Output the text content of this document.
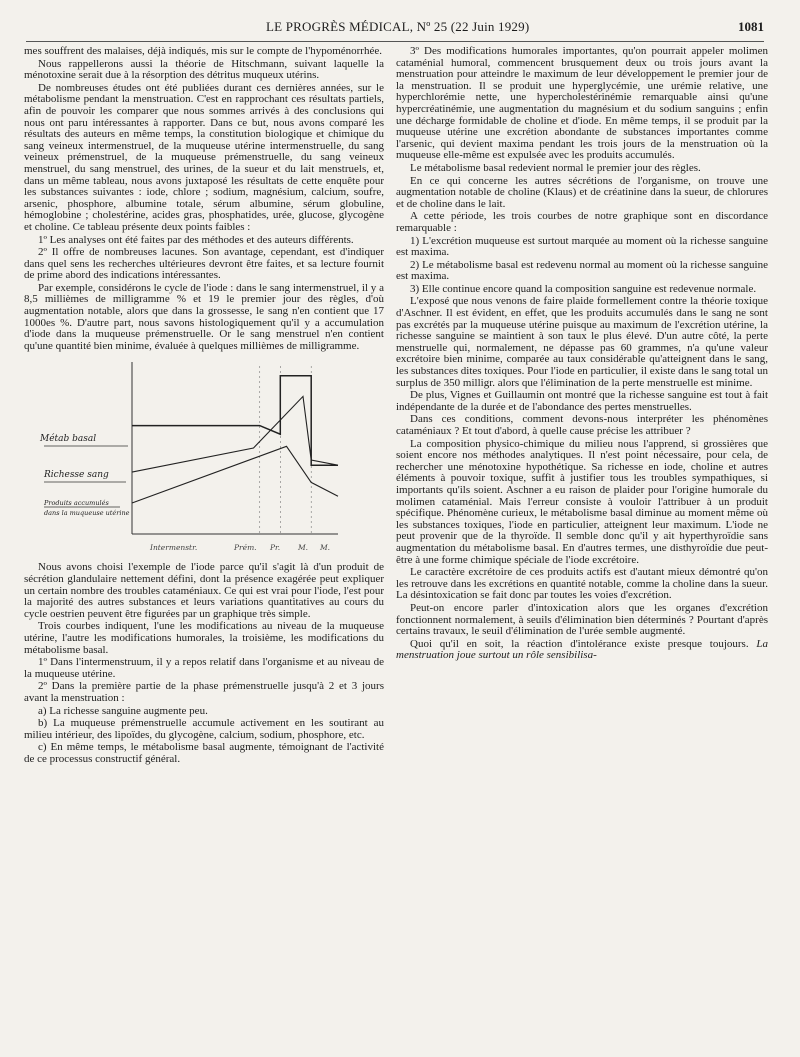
LE PROGRÈS MÉDICAL, Nº 25 (22 Juin 1929)	1081

mes souffrent des malaises, déjà indiqués, mis sur le compte de l'hypoménorrhée.

Nous rappellerons aussi la théorie de Hitschmann, suivant laquelle la ménotoxine serait due à la résorption des détritus muqueux utérins.

De nombreuses études ont été publiées durant ces dernières années, sur le métabolisme pendant la menstruation. C'est en rapprochant ces résultats partiels, afin de pouvoir les comparer que nous sommes arrivés à des conclusions qui nous ont paru intéressantes à rapporter. Dans ce but, nous avons comparé les résultats des auteurs en même temps, la constitution biologique et chimique du sang veineux intermenstruel, de la muqueuse utérine intermenstruelle, du sang veineux prémenstruel, de la muqueuse prémenstruelle, du sang veineux menstruel, du sang menstruel, des urines, de la sueur et du lait menstruels, et, dans un même tableau, nous avons juxtaposé les résultats de cette enquête pour les substances suivantes : iode, chlore ; sodium, magnésium, calcium, soufre, arsenic, phosphore, albumine totale, sérum albumine, sérum globuline, hémoglobine ; cholestérine, acides gras, phosphatides, urée, glucose, glycogène et choline. Ce tableau présente deux points faibles :

1º Les analyses ont été faites par des méthodes et des auteurs différents.

2º Il offre de nombreuses lacunes. Son avantage, cependant, est d'indiquer dans quel sens les recherches ultérieures devront être faites, et sa lecture fournit de prime abord des indications intéressantes.

Par exemple, considérons le cycle de l'iode : dans le sang intermenstruel, il y a 8,5 millièmes de milligramme % et 19 le premier jour des règles, d'où augmentation notable, alors que dans la grossesse, le sang n'en contient que 17 1000es %. D'autre part, nous savons histologiquement qu'il y a accumulation d'iode dans la muqueuse prémenstruelle. Or le sang menstruel n'en contient qu'une quantité bien minime, évaluée à quelques millièmes de milligramme.

Métab basal
Richesse sang
Produits accumulés
dans la muqueuse utérine
Intermenstr.	Prém. Pr. M. M.

Nous avons choisi l'exemple de l'iode parce qu'il s'agit là d'un produit de sécrétion glandulaire nettement défini, dont la présence exagérée peut expliquer un certain nombre des troubles cataméniaux. Ce qui est vrai pour l'iode, l'est pour la majorité des autres substances et leurs variations quantitatives au cours du cycle oestrien peuvent être figurées par un graphique très simple.

Trois courbes indiquent, l'une les modifications au niveau de la muqueuse utérine, l'autre les modifications humorales, la troisième, les modifications du métabolisme basal.

1º Dans l'intermenstruum, il y a repos relatif dans l'organisme et au niveau de la muqueuse utérine.

2º Dans la première partie de la phase prémenstruelle jusqu'à 2 et 3 jours avant la menstruation :

a) La richesse sanguine augmente peu.

b) La muqueuse prémenstruelle accumule activement en les soutirant au milieu intérieur, des lipoïdes, du glycogène, calcium, sodium, phosphore, etc.

c) En même temps, le métabolisme basal augmente, témoignant de l'activité de ce processus constructif général.

3º Des modifications humorales importantes, qu'on pourrait appeler molimen cataménial humoral, commencent brusquement deux ou trois jours avant la menstruation pour atteindre le maximum de leur développement le premier jour de la menstruation. Il se produit une hyperglycémie, une urémie relative, une hyperchlorémie nette, une hypercholestérinémie remarquable ainsi qu'une hypercréatinémie, une augmentation du magnésium et du sodium sanguins ; enfin une décharge formidable de choline et d'iode. En même temps, il se produit par la muqueuse utérine une excrétion abondante de substances importantes comme l'arsenic, qui devient maxima pendant les trois jours de la menstruation où la muqueuse elle-même est expulsée avec les produits accumulés.

Le métabolisme basal redevient normal le premier jour des règles.

En ce qui concerne les autres sécrétions de l'organisme, on trouve une augmentation notable de choline (Klaus) et de créatinine dans la sueur, de chlorures et de choline dans le lait.

A cette période, les trois courbes de notre graphique sont en discordance remarquable :

1) L'excrétion muqueuse est surtout marquée au moment où la richesse sanguine est maxima.

2) Le métabolisme basal est redevenu normal au moment où la richesse sanguine est maxima.

3) Elle continue encore quand la composition sanguine est redevenue normale.

L'exposé que nous venons de faire plaide formellement contre la théorie toxique d'Aschner. Il est évident, en effet, que les produits accumulés dans le sang ne sont pas excrétés par la muqueuse utérine puisque au maximum de l'excrétion utérine, la richesse sanguine se maintient à son taux le plus élevé. D'un autre côté, la perte menstruelle qui, normalement, ne dépasse pas 60 grammes, n'a qu'une valeur excrétoire bien minime, comparée au taux considérable qu'atteignent dans le sang, les substances dites toxiques. Pour l'iode en particulier, il existe dans le sang total un surplus de 350 milligr. alors que l'élimination de la perte menstruelle est minime.

De plus, Vignes et Guillaumin ont montré que la richesse sanguine est tout à fait indépendante de la durée et de l'abondance des pertes menstruelles.

Dans ces conditions, comment devons-nous interpréter les phénomènes cataméniaux ? Et tout d'abord, à quelle cause précise les attribuer ?

La composition physico-chimique du milieu nous l'apprend, si grossières que soient encore nos méthodes analytiques. Il n'est point nécessaire, pour cela, de rechercher une ménotoxine hypothétique. Sa richesse en iode, choline et autres éléments à pouvoir toxique, suffit à justifier tous les troubles sympathiques, si importants qu'ils soient. Aschner a eu raison de plaider pour l'origine humorale du molimen cataménial. Mais l'erreur consiste à vouloir l'attribuer à un produit spécifique. Phénomène curieux, le métabolisme basal diminue au moment même où les substances toxiques, l'iode en particulier, atteignent leur maximum. L'iode ne peut provenir que de la thyroïde. Il semble donc qu'il y ait hyperthyroïdie sans augmentation du métabolisme basal. En d'autres termes, une disthyroïdie due peut-être à une forme chimique spéciale de l'iode excrétoire.

Le caractère excrétoire de ces produits actifs est d'autant mieux démontré qu'on les retrouve dans les excrétions en quantité notable, comme la choline dans la sueur. La désintoxication se fait donc par toutes les voies d'excrétion.

Peut-on encore parler d'intoxication alors que les organes d'excrétion fonctionnent normalement, à seuils d'élimination bien déterminés ? Pourtant d'après certains travaux, le seuil d'élimination de l'urée semble augmenté.

Quoi qu'il en soit, la réaction d'intolérance existe presque toujours. La menstruation joue surtout un rôle sensibilisa-
